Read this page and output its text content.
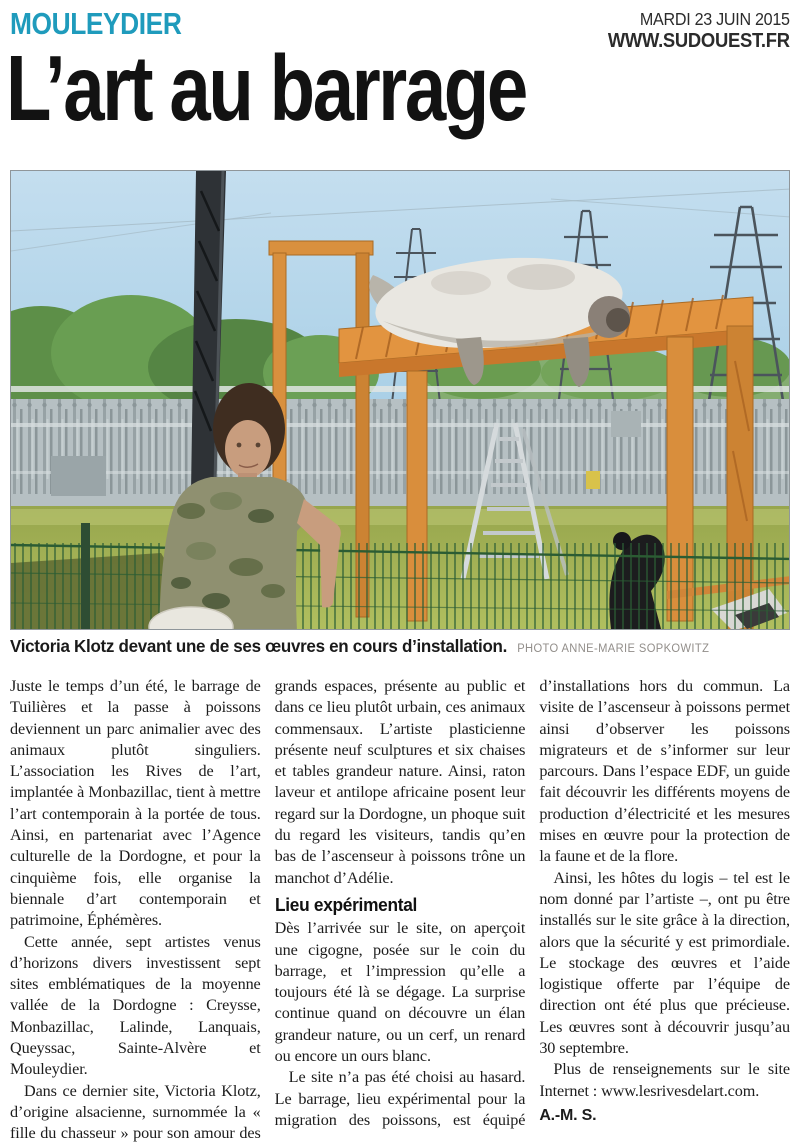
MOULEYDIER	MARDI 23 JUIN 2015
WWW.SUDOUEST.FR
L’art au barrage
Victoria Klotz devant une de ses œuvres en cours d’installation. PHOTO ANNE-MARIE SOPKOWITZ

Juste le temps d’un été, le barrage de Tuilières et la passe à poissons deviennent un parc animalier avec des animaux plutôt singuliers. L’association les Rives de l’art, implantée à Monbazillac, tient à mettre l’art contemporain à la portée de tous. Ainsi, en partenariat avec l’Agence culturelle de la Dordogne, et pour la cinquième fois, elle organise la biennale d’art contemporain et patrimoine, Éphémères.

Cette année, sept artistes venus d’horizons divers investissent sept sites emblématiques de la moyenne vallée de la Dordogne : Creysse, Monbazillac, Lalinde, Lanquais, Queyssac, Sainte-Alvère et Mouleydier.

Dans ce dernier site, Victoria Klotz, d’origine alsacienne, surnommée la « fille du chasseur » pour son amour des grands espaces, présente au public et dans ce lieu plutôt urbain, ces animaux commensaux. L’artiste plasticienne présente neuf sculptures et six chaises et tables grandeur nature. Ainsi, raton laveur et antilope africaine posent leur regard sur la Dordogne, un phoque suit du regard les visiteurs, tandis qu’en bas de l’ascenseur à poissons trône un manchot d’Adélie.

Lieu expérimental

Dès l’arrivée sur le site, on aperçoit une cigogne, posée sur le coin du barrage, et l’impression qu’elle a toujours été là se dégage. La surprise continue quand on découvre un élan grandeur nature, ou un cerf, un renard ou encore un ours blanc.

Le site n’a pas été choisi au hasard. Le barrage, lieu expérimental pour la migration des poissons, est équipé d’installations hors du commun. La visite de l’ascenseur à poissons permet ainsi d’observer les poissons migrateurs et de s’informer sur leur parcours. Dans l’espace EDF, un guide fait découvrir les différents moyens de production d’électricité et les mesures mises en œuvre pour la protection de la faune et de la flore.

Ainsi, les hôtes du logis – tel est le nom donné par l’artiste –, ont pu être installés sur le site grâce à la direction, alors que la sécurité y est primordiale. Le stockage des œuvres et l’aide logistique offerte par l’équipe de direction ont été plus que précieuse. Les œuvres sont à découvrir jusqu’au 30 septembre.

Plus de renseignements sur le site Internet : www.lesrivesdelart.com.

A.-M. S.
